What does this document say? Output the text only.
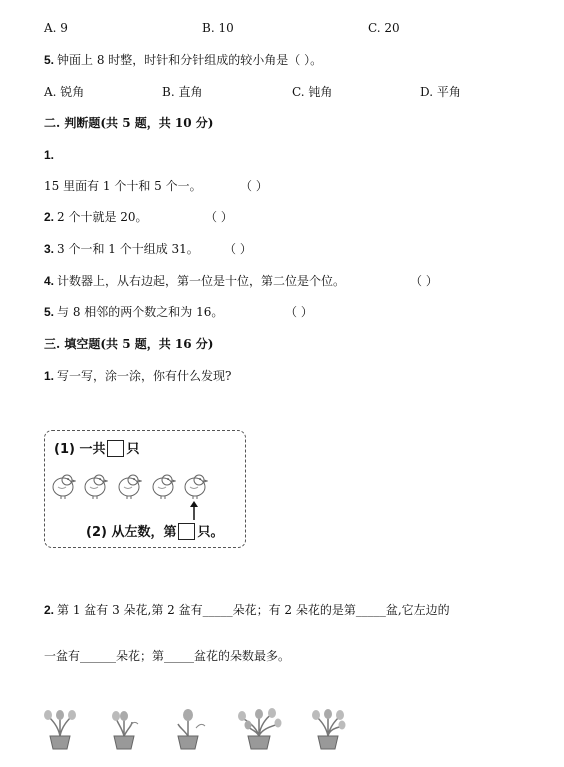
A. 9	B. 10	C. 20
5. 钟面上 8 时整，时针和分针组成的较小角是（ ）。
A. 锐角	B. 直角	C. 钝角	D. 平角
二. 判断题(共 5 题，共 10 分)
1.
15 里面有 1 个十和 5 个一。	（ ）
2. 2 个十就是 20。	（ ）
3. 3 个一和 1 个十组成 31。 （ ）
4. 计数器上，从右边起，第一位是十位，第二位是个位。	（ ）
5. 与 8 相邻的两个数之和为 16。	（ ）
三. 填空题(共 5 题，共 16 分)
1. 写一写，涂一涂，你有什么发现?
(1) 一共 只
(2) 从左数，第 只。
2. 第 1 盆有 3 朵花,第 2 盆有_____朵花；有 2 朵花的是第_____盆,它左边的
一盆有______朵花；第_____盆花的朵数最多。
